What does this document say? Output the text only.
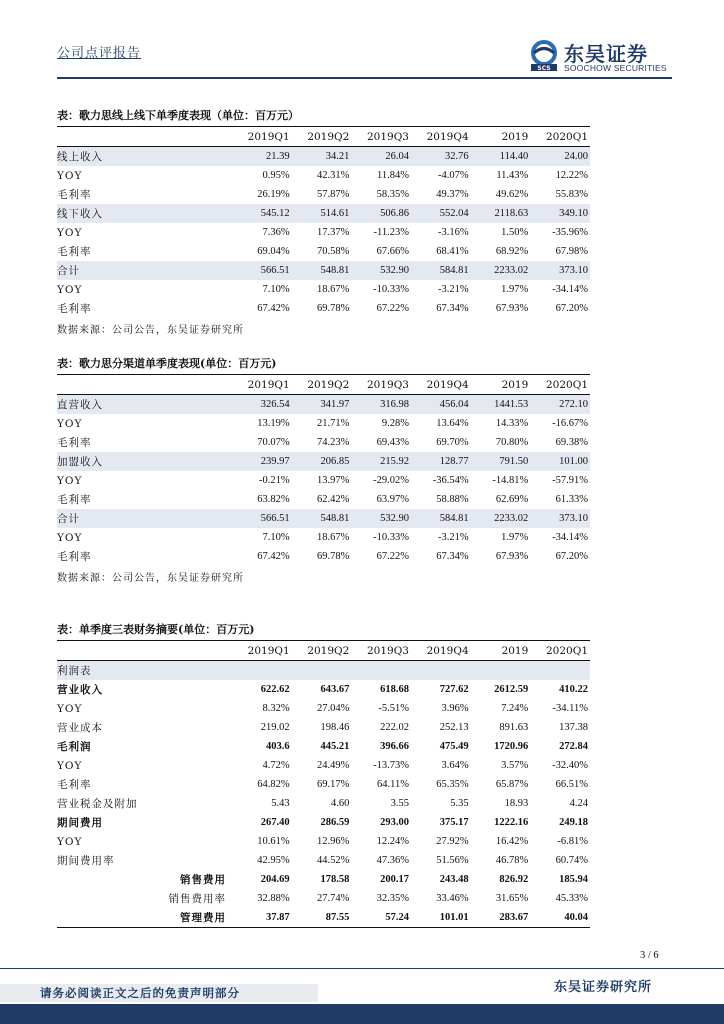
公司点评报告
SCS
东吴证券
SOOCHOW SECURITIES
表：歌力思线上线下单季度表现（单位：百万元）
	2019Q1	2019Q2	2019Q3	2019Q4	2019	2020Q1
线上收入	21.39	34.21	26.04	32.76	114.40	24.00
YOY	0.95%	42.31%	11.84%	-4.07%	11.43%	12.22%
毛利率	26.19%	57.87%	58.35%	49.37%	49.62%	55.83%
线下收入	545.12	514.61	506.86	552.04	2118.63	349.10
YOY	7.36%	17.37%	-11.23%	-3.16%	1.50%	-35.96%
毛利率	69.04%	70.58%	67.66%	68.41%	68.92%	67.98%
合计	566.51	548.81	532.90	584.81	2233.02	373.10
YOY	7.10%	18.67%	-10.33%	-3.21%	1.97%	-34.14%
毛利率	67.42%	69.78%	67.22%	67.34%	67.93%	67.20%
数据来源：公司公告，东吴证券研究所
表：歌力思分渠道单季度表现(单位：百万元)
	2019Q1	2019Q2	2019Q3	2019Q4	2019	2020Q1
直营收入	326.54	341.97	316.98	456.04	1441.53	272.10
YOY	13.19%	21.71%	9.28%	13.64%	14.33%	-16.67%
毛利率	70.07%	74.23%	69.43%	69.70%	70.80%	69.38%
加盟收入	239.97	206.85	215.92	128.77	791.50	101.00
YOY	-0.21%	13.97%	-29.02%	-36.54%	-14.81%	-57.91%
毛利率	63.82%	62.42%	63.97%	58.88%	62.69%	61.33%
合计	566.51	548.81	532.90	584.81	2233.02	373.10
YOY	7.10%	18.67%	-10.33%	-3.21%	1.97%	-34.14%
毛利率	67.42%	69.78%	67.22%	67.34%	67.93%	67.20%
数据来源：公司公告，东吴证券研究所
表：单季度三表财务摘要(单位：百万元)
	2019Q1	2019Q2	2019Q3	2019Q4	2019	2020Q1
利润表						
营业收入	622.62	643.67	618.68	727.62	2612.59	410.22
YOY	8.32%	27.04%	-5.51%	3.96%	7.24%	-34.11%
营业成本	219.02	198.46	222.02	252.13	891.63	137.38
毛利润	403.6	445.21	396.66	475.49	1720.96	272.84
YOY	4.72%	24.49%	-13.73%	3.64%	3.57%	-32.40%
毛利率	64.82%	69.17%	64.11%	65.35%	65.87%	66.51%
营业税金及附加	5.43	4.60	3.55	5.35	18.93	4.24
期间费用	267.40	286.59	293.00	375.17	1222.16	249.18
YOY	10.61%	12.96%	12.24%	27.92%	16.42%	-6.81%
期间费用率	42.95%	44.52%	47.36%	51.56%	46.78%	60.74%
销售费用	204.69	178.58	200.17	243.48	826.92	185.94
销售费用率	32.88%	27.74%	32.35%	33.46%	31.65%	45.33%
管理费用	37.87	87.55	57.24	101.01	283.67	40.04
3 / 6
请务必阅读正文之后的免责声明部分	东吴证券研究所
